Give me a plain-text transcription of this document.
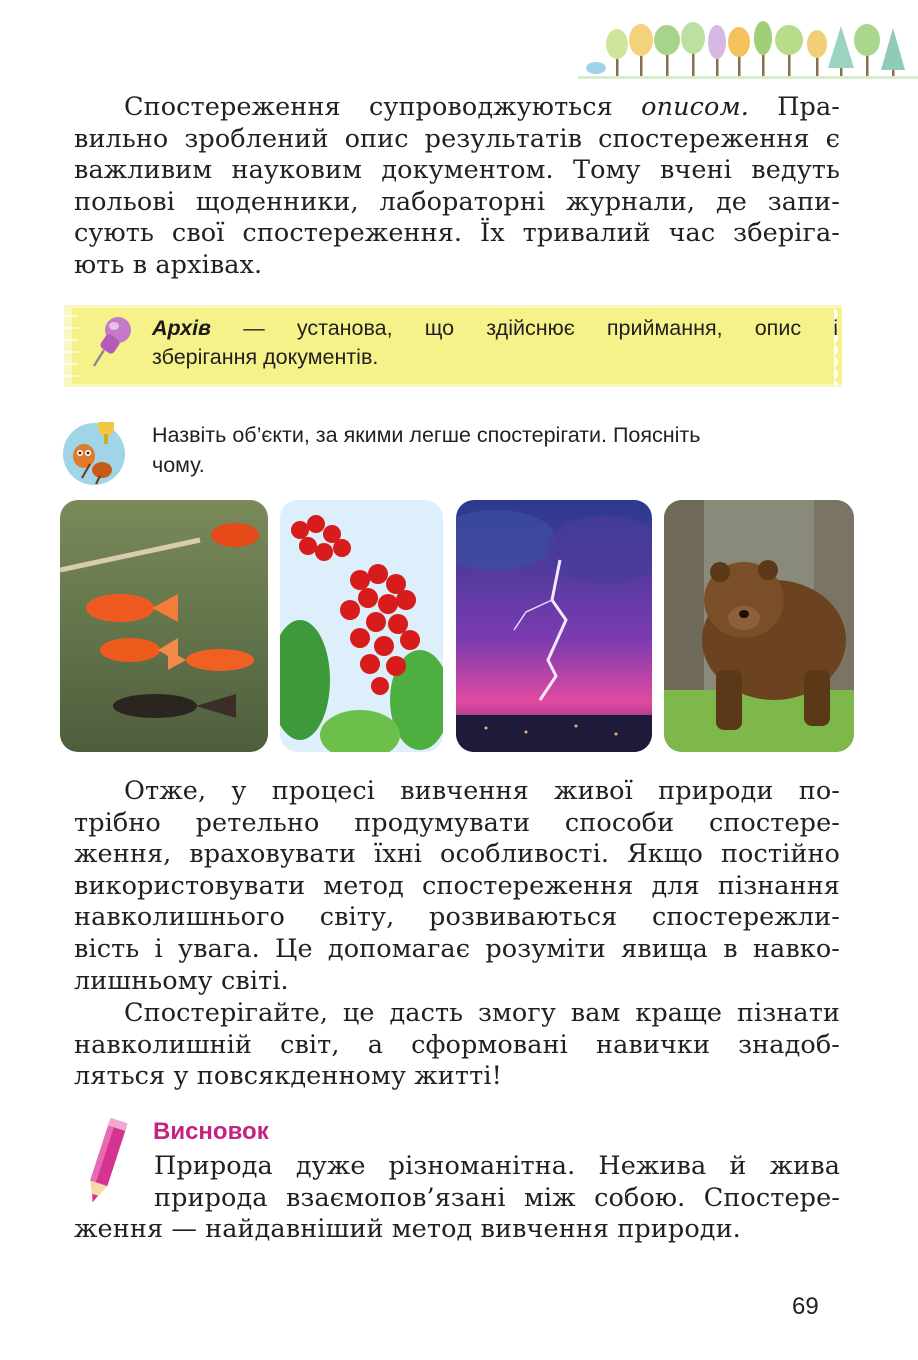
Спостереження супроводжуються описом. Пра-
вильно зроблений опис результатів спостереження є
важливим науковим документом. Тому вчені ведуть
польові щоденники, лабораторні журнали, де запи-
сують свої спостереження. Їх тривалий час зберіга-
ють в архівах.
Архів — установа, що здійснює приймання, опис і
зберігання документів.
Назвіть об’єкти, за якими легше спостерігати. Поясніть
чому.
Отже, у процесі вивчення живої природи по-
трібно ретельно продумувати способи спостере-
ження, враховувати їхні особливості. Якщо постійно
використовувати метод спостереження для пізнання
навколишнього світу, розвиваються спостережли-
вість і увага. Це допомагає розуміти явища в навко-
лишньому світі.
Спостерігайте, це дасть змогу вам краще пізнати
навколишній світ, а сформовані навички знадоб-
ляться у повсякденному житті!
Висновок
Природа дуже різноманітна. Нежива й жива
природа взаємопов’язані між собою. Спостере-
ження — найдавніший метод вивчення природи.
69
